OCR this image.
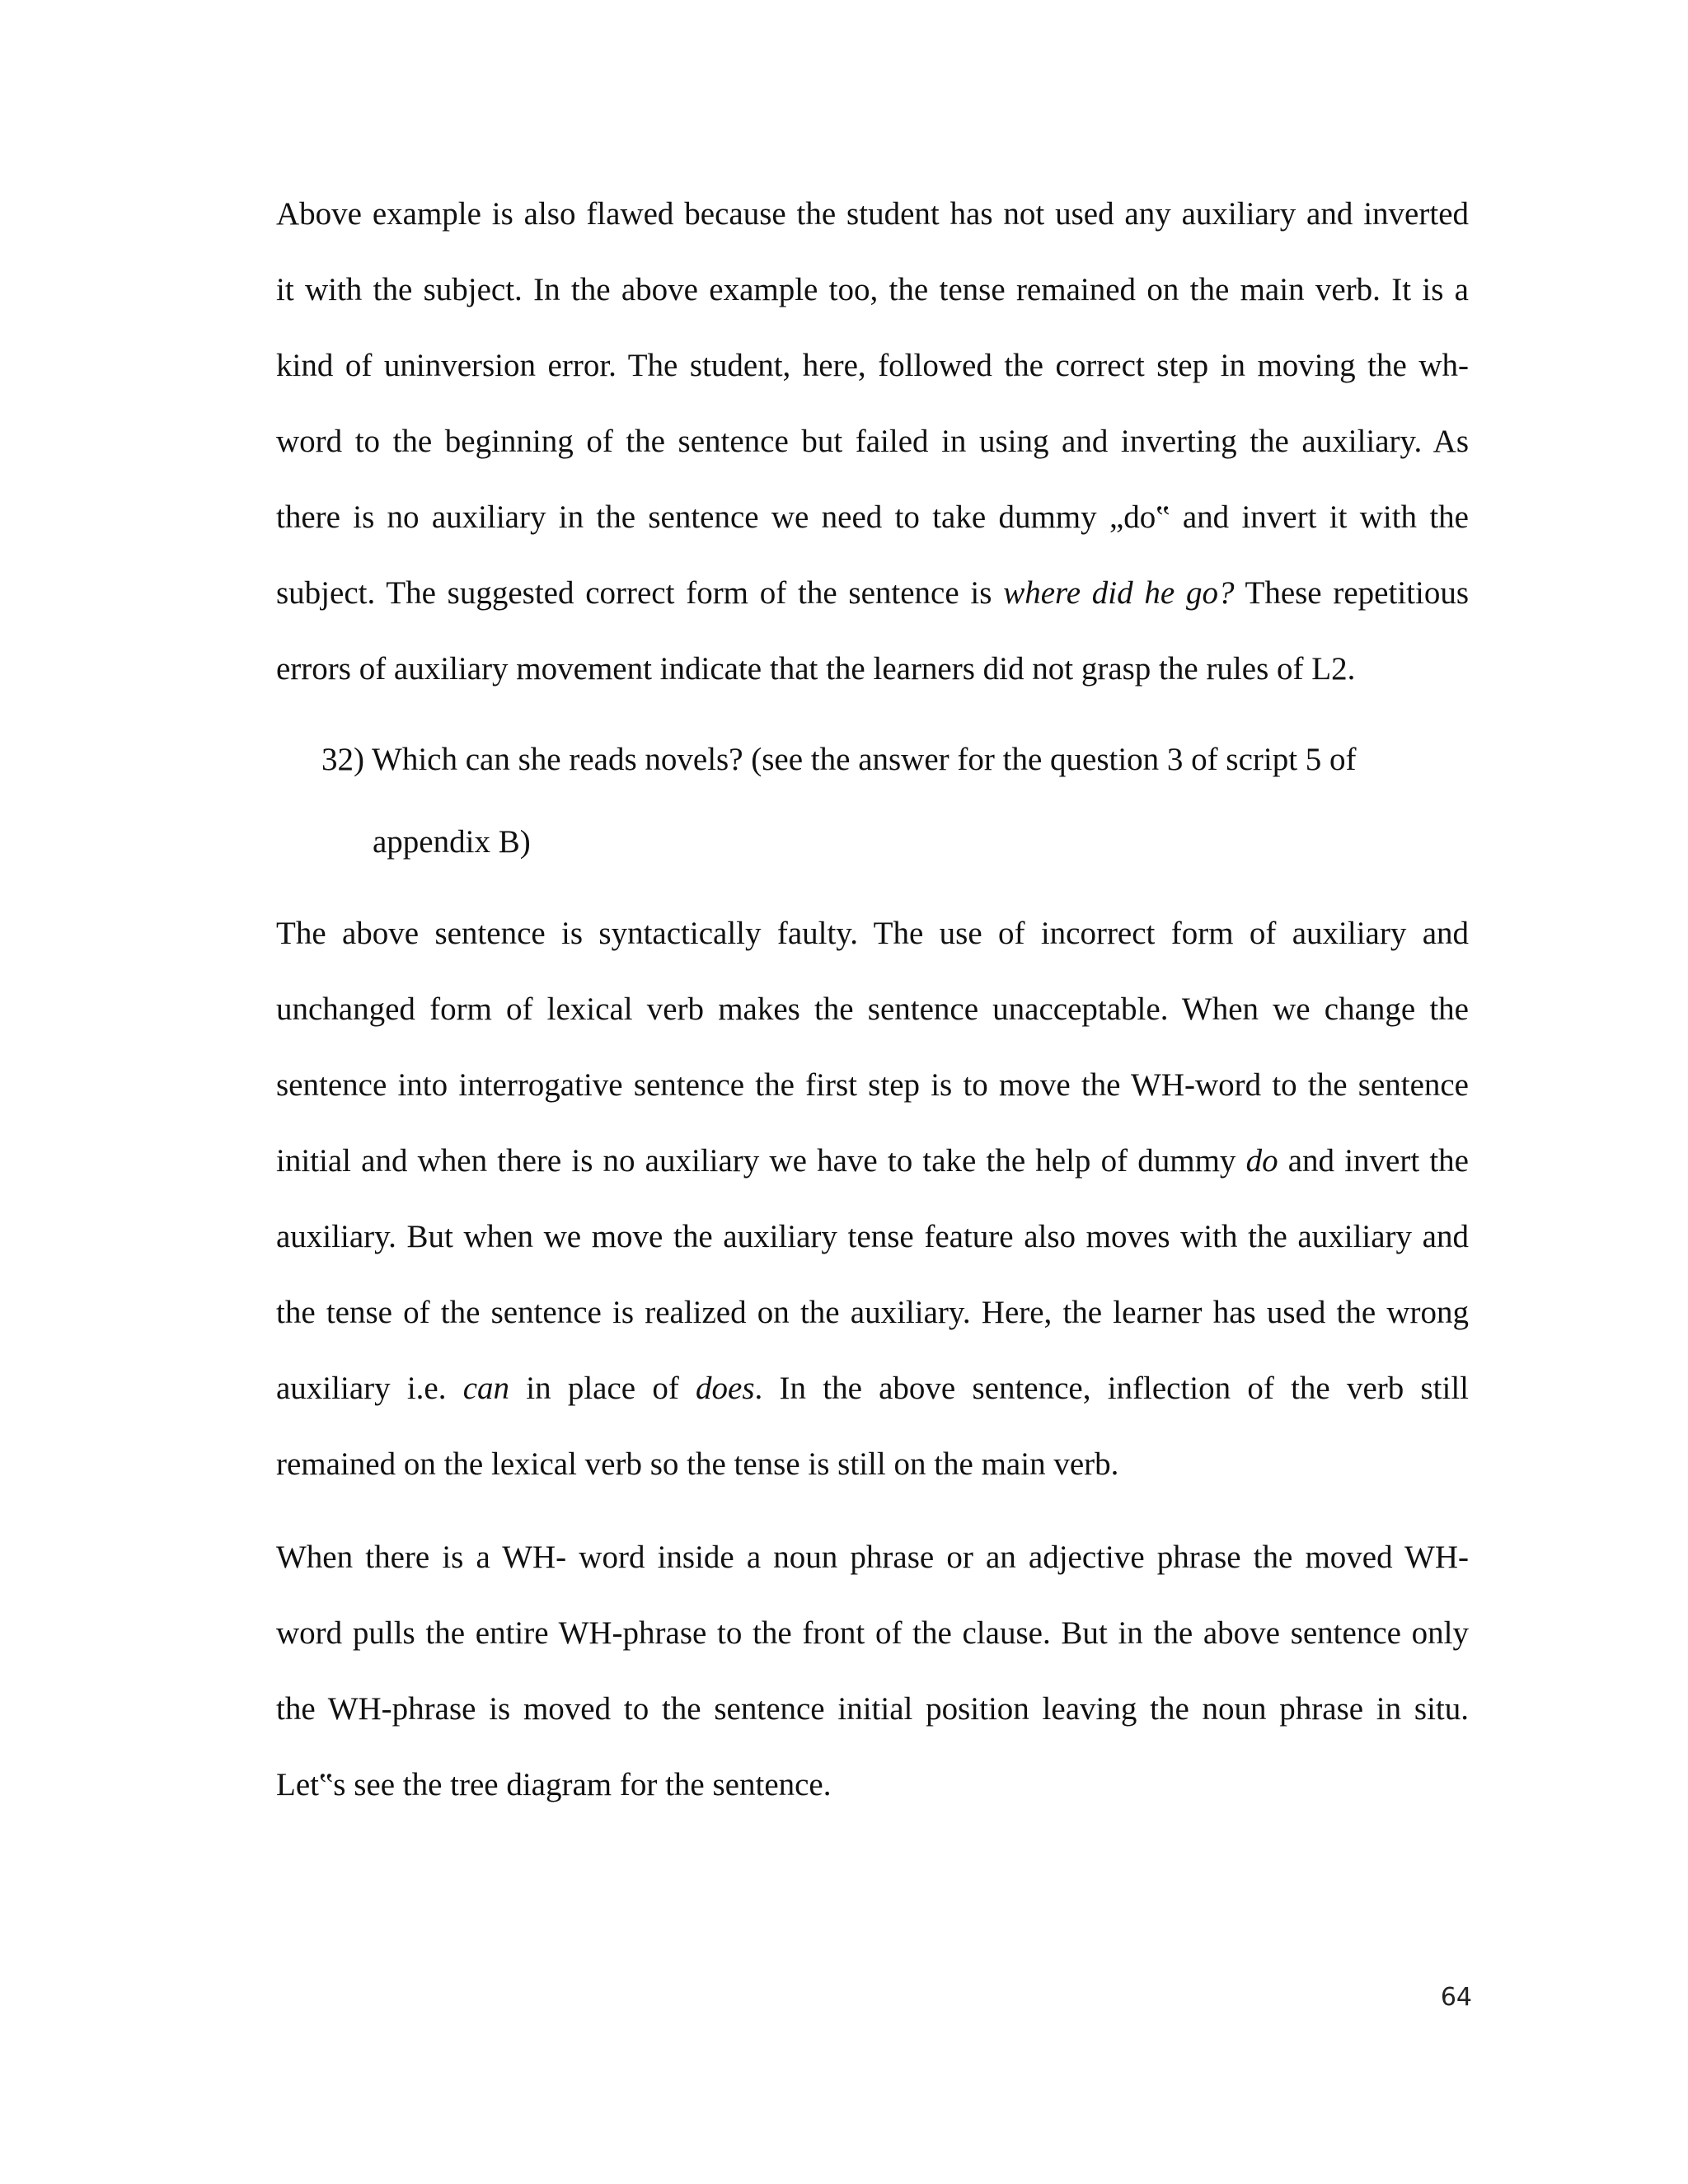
Above example is also flawed because the student has not used any auxiliary and inverted
it with the subject. In the above example too, the tense remained on the main verb. It is a
kind of uninversion error. The student, here, followed the correct step in moving the wh-
word to the beginning of the sentence but failed in using and inverting the auxiliary. As
there is no auxiliary in the sentence we need to take dummy „do‟ and invert it with the
subject. The suggested correct form of the sentence is where did he go? These repetitious
errors of auxiliary movement indicate that the learners did not grasp the rules of L2.
32) Which can she reads novels? (see the answer for the question 3 of script 5 of
appendix B)
The above sentence is syntactically faulty. The use of incorrect form of auxiliary and
unchanged form of lexical verb makes the sentence unacceptable. When we change the
sentence into interrogative sentence the first step is to move the WH-word to the sentence
initial and when there is no auxiliary we have to take the help of dummy do and invert the
auxiliary. But when we move the auxiliary tense feature also moves with the auxiliary and
the tense of the sentence is realized on the auxiliary. Here, the learner has used the wrong
auxiliary i.e. can in place of does. In the above sentence, inflection of the verb still
remained on the lexical verb so the tense is still on the main verb.
When there is a WH- word inside a noun phrase or an adjective phrase the moved WH-
word pulls the entire WH-phrase to the front of the clause. But in the above sentence only
the WH-phrase is moved to the sentence initial position leaving the noun phrase in situ.
Let‟s see the tree diagram for the sentence.
64
